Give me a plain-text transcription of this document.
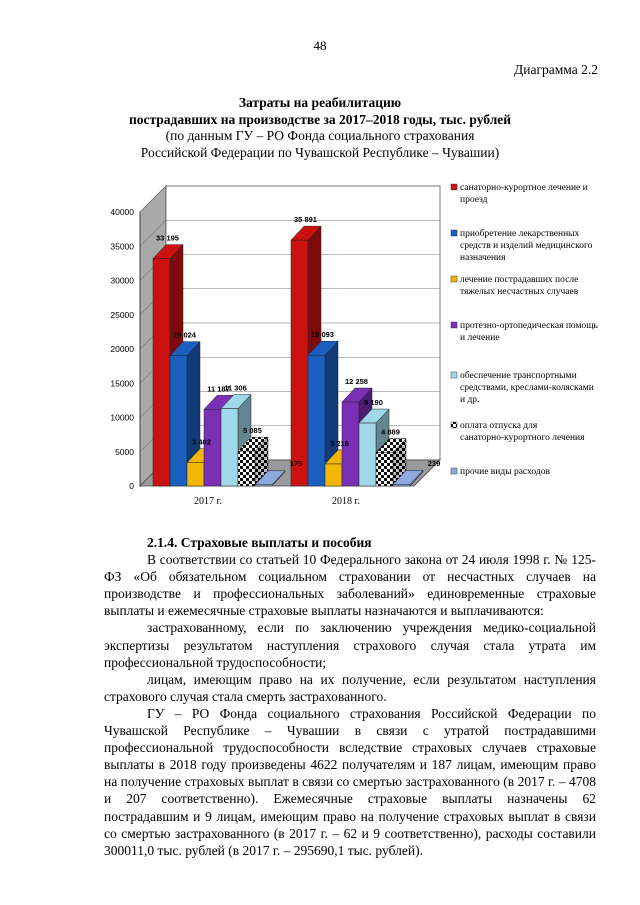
48
Диаграмма 2.2
Затраты на реабилитацию
пострадавших на производстве за 2017–2018 годы, тыс. рублей
(по данным ГУ – РО Фонда социального страхования
Российской Федерации по Чувашской Республике – Чувашии)
0
5000
10000
15000
20000
25000
30000
35000
40000
33 195
19 024
3 402
11 187
11 306
5 085
175
35 891
19 093
3 216
12 258
9 190
4 889
239
2017 г.	2018 г.
санаторно-курортное лечение и
проезд
приобретение лекарственных
средств и изделий медицинского
назначения
лечение пострадавших после
тяжелых несчастных случаев
протезно-ортопедическая помощь
и лечение
обеспечение транспортными
средствами, креслами-колясками
и др.
оплата отпуска для
санаторно-курортного лечения
прочие виды расходов
2.1.4. Страховые выплаты и пособия

В соответствии со статьей 10 Федерального закона от 24 июля 1998 г. № 125-ФЗ «Об обязательном социальном страховании от несчастных случаев на производстве и профессиональных заболеваний» единовременные страховые выплаты и ежемесячные страховые выплаты назначаются и выплачиваются:

застрахованному, если по заключению учреждения медико-социальной экспертизы результатом наступления страхового случая стала утрата им профессиональной трудоспособности;

лицам, имеющим право на их получение, если результатом наступления страхового случая стала смерть застрахованного.

ГУ – РО Фонда социального страхования Российской Федерации по Чувашской Республике – Чувашии в связи с утратой пострадавшими профессиональной трудоспособности вследствие страховых случаев страховые выплаты в 2018 году произведены 4622 получателям и 187 лицам, имеющим право на получение страховых выплат в связи со смертью застрахованного (в 2017 г. – 4708 и 207 соответственно). Ежемесячные страховые выплаты назначены 62 пострадавшим и 9 лицам, имеющим право на получение страховых выплат в связи со смертью застрахованного (в 2017 г. – 62 и 9 соответственно), расходы составили 300011,0 тыс. рублей (в 2017 г. – 295690,1 тыс. рублей).
